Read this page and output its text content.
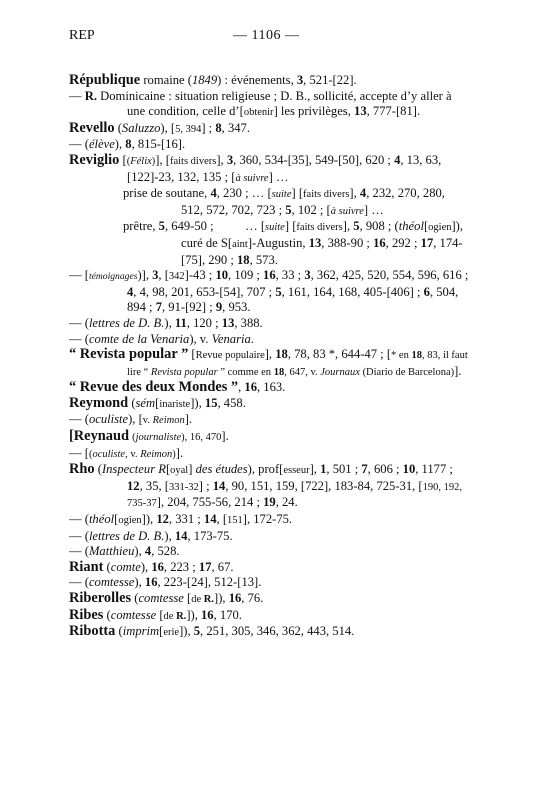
REP	— 1106 —

République romaine (1849) : événements, 3, 521-[22].

— R. Dominicaine : situation religieuse ; D. B., sollicité, accepte d’y aller à une condition, celle d’[obtenir] les privilèges, 13, 777-[81].

Revello (Saluzzo), [5, 394] ; 8, 347.

— (élève), 8, 815-[16].

Reviglio [(Félix)], [faits divers], 3, 360, 534-[35], 549-[50], 620 ; 4, 13, 63, [122]-23, 132, 135 ; [à suivre] …

prise de soutane, 4, 230 ; … [suite] [faits divers], 4, 232, 270, 280, 512, 572, 702, 723 ; 5, 102 ; [à suivre] …

prêtre, 5, 649-50 ;          … [suite] [faits divers], 5, 908 ; (théol[ogien]), curé de S[aint]-Augustin, 13, 388-90 ; 16, 292 ; 17, 174-[75], 290 ; 18, 573.

— [témoignages)], 3, [342]-43 ; 10, 109 ; 16, 33 ; 3, 362, 425, 520, 554, 596, 616 ; 4, 4, 98, 201, 653-[54], 707 ; 5, 161, 164, 168, 405-[406] ; 6, 504, 894 ; 7, 91-[92] ; 9, 953.

— (lettres de D. B.), 11, 120 ; 13, 388.

— (comte de la Venaria), v. Venaria.

“ Revista popular ” [Revue populaire], 18, 78, 83 *, 644-47 ; [* en 18, 83, il faut lire “ Revista popular ” comme en 18, 647, v. Journaux (Diario de Barcelona)].

“ Revue des deux Mondes ”, 16, 163.

Reymond (sém[inariste]), 15, 458.

— (oculiste), [v. Reimon].

[Reynaud (journaliste), 16, 470].

— [(oculiste, v. Reimon)].

Rho (Inspecteur R[oyal] des études), prof[esseur], 1, 501 ; 7, 606 ; 10, 1177 ; 12, 35, [331-32] ; 14, 90, 151, 159, [722], 183-84, 725-31, [190, 192, 735-37], 204, 755-56, 214 ; 19, 24.

— (théol[ogien]), 12, 331 ; 14, [151], 172-75.

— (lettres de D. B.), 14, 173-75.

— (Matthieu), 4, 528.

Riant (comte), 16, 223 ; 17, 67.

— (comtesse), 16, 223-[24], 512-[13].

Riberolles (comtesse [de R.]), 16, 76.

Ribes (comtesse [de R.]), 16, 170.

Ribotta (imprim[erie]), 5, 251, 305, 346, 362, 443, 514.
